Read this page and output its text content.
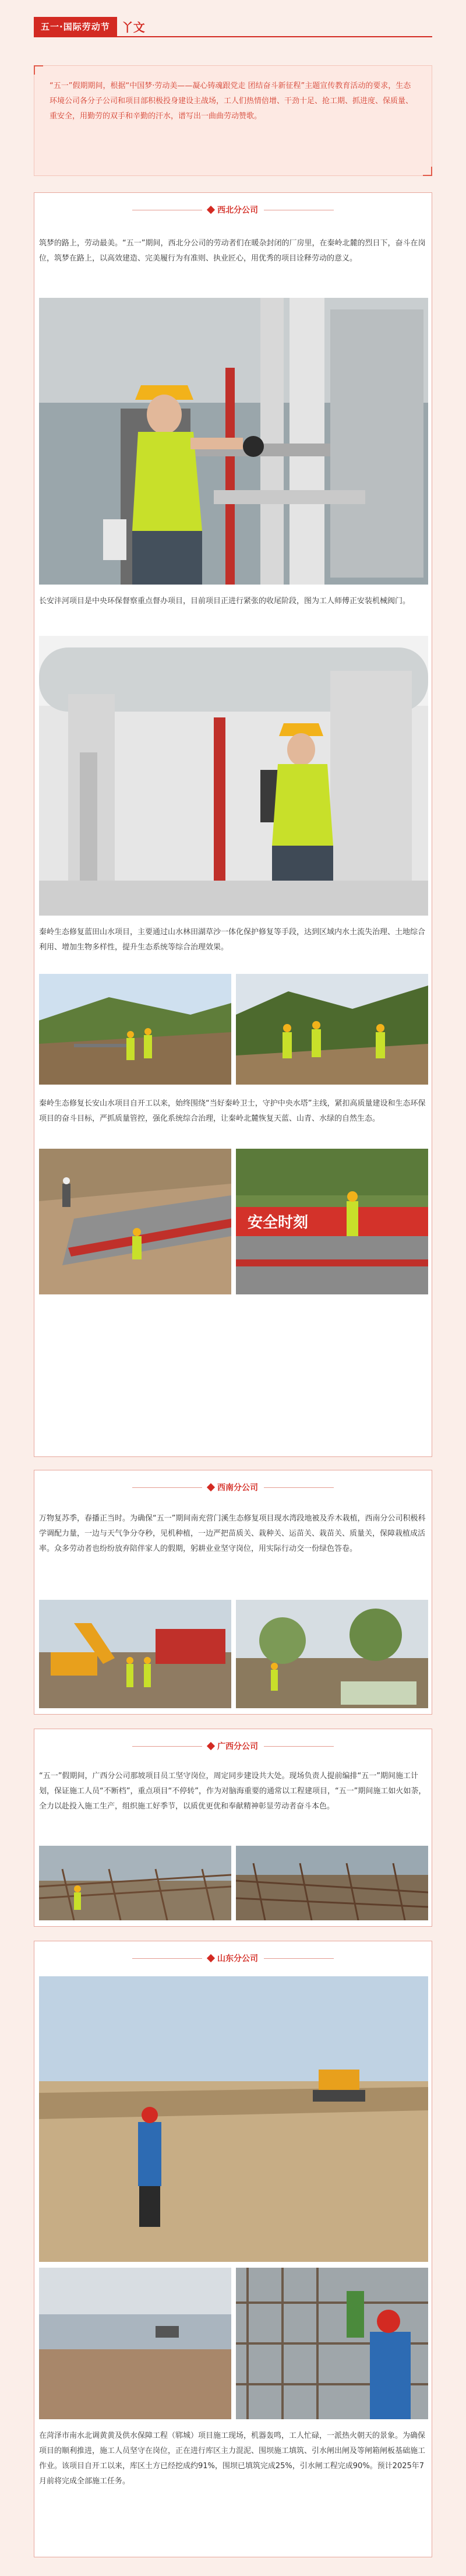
五一·国际劳动节	丫文
“五一”假期期间，根据“中国梦·劳动美——凝心铸魂跟党走 团结奋斗新征程”主题宣传教育活动的要求，生态环境公司各分子公司和项目部积极投身建设主战场，工人们热情倍增、干劲十足、抢工期、抓进度、保质量、重安全，用勤劳的双手和辛勤的汗水，谱写出一曲曲劳动赞歌。
西北分公司
筑梦的路上，劳动最美。“五一”期间，西北分公司的劳动者们在暖杂封闭的厂房里，在秦岭北麓的烈日下，奋斗在岗位，筑梦在路上，以高效建造、完美履行为有准则、执业匠心，用优秀的项目诠释劳动的意义。
长安沣河项目是中央环保督察重点督办项目，目前项目正进行紧张的收尾阶段，图为工人师傅正安装机械阀门。
秦岭生态修复蓝田山水项目，主要通过山水林田湖草沙一体化保护修复等手段，达到区域内水土流失治理、土地综合利用、增加生物多样性，提升生态系统等综合治理效果。
秦岭生态修复长安山水项目自开工以来，始终围绕“当好秦岭卫士，守护中央水塔”主线，紧扣高质量建设和生态环保项目的奋斗目标，严抓质量管控，强化系统综合治理，让秦岭北麓恢复天蓝、山青、水绿的自然生态。
安全时刻
西南分公司
万物复苏季，春播正当时。为确保“五一”期间南充营门溪生态修复项目现水湾段地被及乔木栽植，西南分公司积极科学调配力量，一边与天气争分夺秒，见机种植，一边严把苗质关、栽种关、运苗关、栽苗关、质量关，保障栽植成活率。众多劳动者也纷纷放弃陪伴家人的假期，躬耕业业坚守岗位，用实际行动交一份绿色答卷。
广西分公司
“五一”假期间，广西分公司那坡项目员工坚守岗位，周定同步建设共大处。现场负责人提前编排“五一”期间施工计划，保证施工人员“不断档”，重点项目“不停转”，作为对脑海重要的通常以工程建项目，“五一”期间施工如火如荼，全力以赴投入施工生产，组织施工好季节，以质优更优和奉献精神彰显劳动者奋斗本色。
山东分公司
在菏泽市南水北调黄黄及供水保障工程（郓城）项目施工现场，机器轰鸣，工人忙碌，一派热火朝天的景象。为确保项目的顺利推进，施工人员坚守在岗位，正在进行库区主力混泥、围坝施工填筑、引水闸出闸及等闸箱闸板基础施工作业。该项目自开工以来，库区土方已经挖成约91%，围坝已填筑完成25%，引水闸工程完成90%。预计2025年7月前将完成全部施工任务。
